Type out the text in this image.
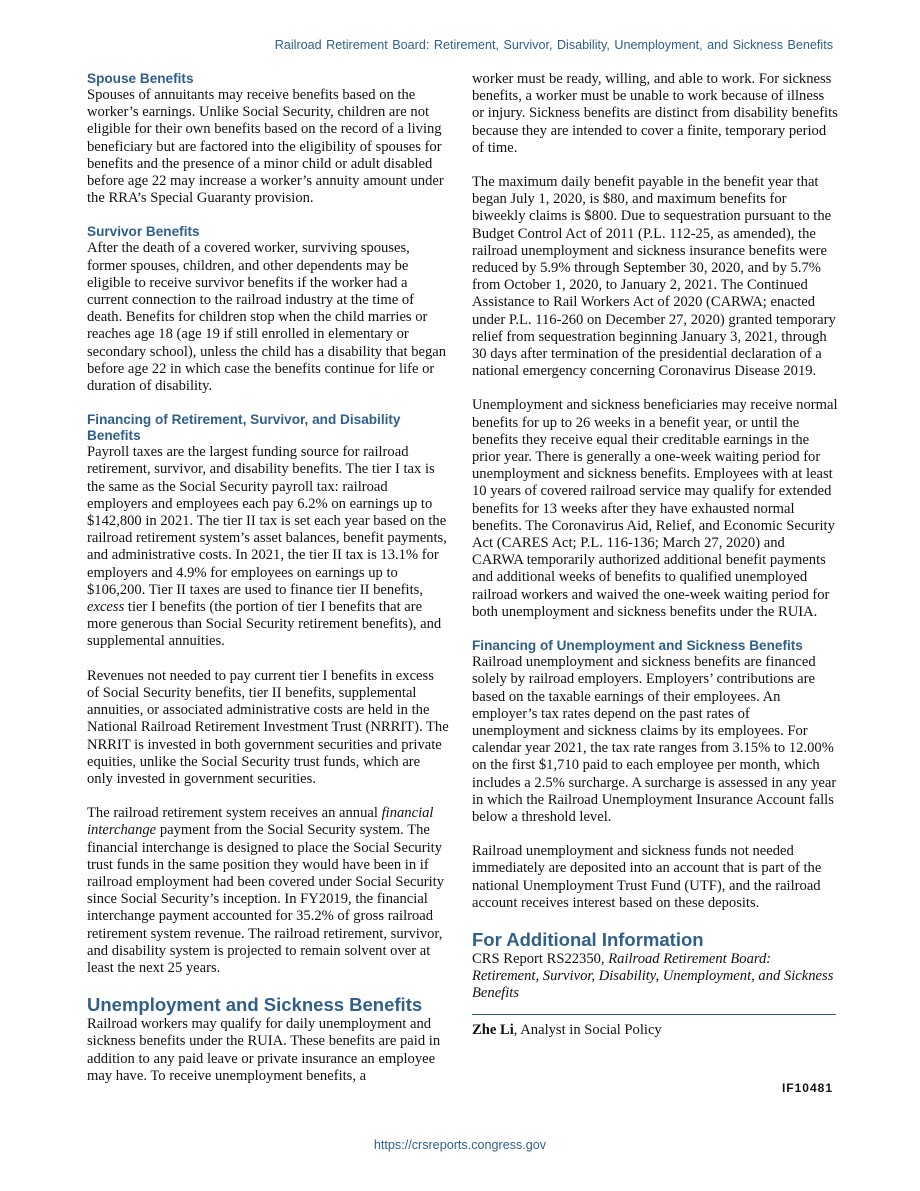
Railroad Retirement Board: Retirement, Survivor, Disability, Unemployment, and Sickness Benefits
Spouse Benefits

Spouses of annuitants may receive benefits based on the worker’s earnings. Unlike Social Security, children are not eligible for their own benefits based on the record of a living beneficiary but are factored into the eligibility of spouses for benefits and the presence of a minor child or adult disabled before age 22 may increase a worker’s annuity amount under the RRA’s Special Guaranty provision.

Survivor Benefits

After the death of a covered worker, surviving spouses, former spouses, children, and other dependents may be eligible to receive survivor benefits if the worker had a current connection to the railroad industry at the time of death. Benefits for children stop when the child marries or reaches age 18 (age 19 if still enrolled in elementary or secondary school), unless the child has a disability that began before age 22 in which case the benefits continue for life or duration of disability.

Financing of Retirement, Survivor, and Disability Benefits

Payroll taxes are the largest funding source for railroad retirement, survivor, and disability benefits. The tier I tax is the same as the Social Security payroll tax: railroad employers and employees each pay 6.2% on earnings up to $142,800 in 2021. The tier II tax is set each year based on the railroad retirement system’s asset balances, benefit payments, and administrative costs. In 2021, the tier II tax is 13.1% for employers and 4.9% for employees on earnings up to $106,200. Tier II taxes are used to finance tier II benefits, excess tier I benefits (the portion of tier I benefits that are more generous than Social Security retirement benefits), and supplemental annuities.

Revenues not needed to pay current tier I benefits in excess of Social Security benefits, tier II benefits, supplemental annuities, or associated administrative costs are held in the National Railroad Retirement Investment Trust (NRRIT). The NRRIT is invested in both government securities and private equities, unlike the Social Security trust funds, which are only invested in government securities.

The railroad retirement system receives an annual financial interchange payment from the Social Security system. The financial interchange is designed to place the Social Security trust funds in the same position they would have been in if railroad employment had been covered under Social Security since Social Security’s inception. In FY2019, the financial interchange payment accounted for 35.2% of gross railroad retirement system revenue. The railroad retirement, survivor, and disability system is projected to remain solvent over at least the next 25 years.

Unemployment and Sickness Benefits

Railroad workers may qualify for daily unemployment and sickness benefits under the RUIA. These benefits are paid in addition to any paid leave or private insurance an employee may have. To receive unemployment benefits, a

worker must be ready, willing, and able to work. For sickness benefits, a worker must be unable to work because of illness or injury. Sickness benefits are distinct from disability benefits because they are intended to cover a finite, temporary period of time.

The maximum daily benefit payable in the benefit year that began July 1, 2020, is $80, and maximum benefits for biweekly claims is $800. Due to sequestration pursuant to the Budget Control Act of 2011 (P.L. 112-25, as amended), the railroad unemployment and sickness insurance benefits were reduced by 5.9% through September 30, 2020, and by 5.7% from October 1, 2020, to January 2, 2021. The Continued Assistance to Rail Workers Act of 2020 (CARWA; enacted under P.L. 116-260 on December 27, 2020) granted temporary relief from sequestration beginning January 3, 2021, through 30 days after termination of the presidential declaration of a national emergency concerning Coronavirus Disease 2019.

Unemployment and sickness beneficiaries may receive normal benefits for up to 26 weeks in a benefit year, or until the benefits they receive equal their creditable earnings in the prior year. There is generally a one-week waiting period for unemployment and sickness benefits. Employees with at least 10 years of covered railroad service may qualify for extended benefits for 13 weeks after they have exhausted normal benefits. The Coronavirus Aid, Relief, and Economic Security Act (CARES Act; P.L. 116-136; March 27, 2020) and CARWA temporarily authorized additional benefit payments and additional weeks of benefits to qualified unemployed railroad workers and waived the one-week waiting period for both unemployment and sickness benefits under the RUIA.

Financing of Unemployment and Sickness Benefits

Railroad unemployment and sickness benefits are financed solely by railroad employers. Employers’ contributions are based on the taxable earnings of their employees. An employer’s tax rates depend on the past rates of unemployment and sickness claims by its employees. For calendar year 2021, the tax rate ranges from 3.15% to 12.00% on the first $1,710 paid to each employee per month, which includes a 2.5% surcharge. A surcharge is assessed in any year in which the Railroad Unemployment Insurance Account falls below a threshold level.

Railroad unemployment and sickness funds not needed immediately are deposited into an account that is part of the national Unemployment Trust Fund (UTF), and the railroad account receives interest based on these deposits.

For Additional Information
CRS Report RS22350, Railroad Retirement Board: Retirement, Survivor, Disability, Unemployment, and Sickness Benefits
Zhe Li, Analyst in Social Policy
IF10481
https://crsreports.congress.gov
